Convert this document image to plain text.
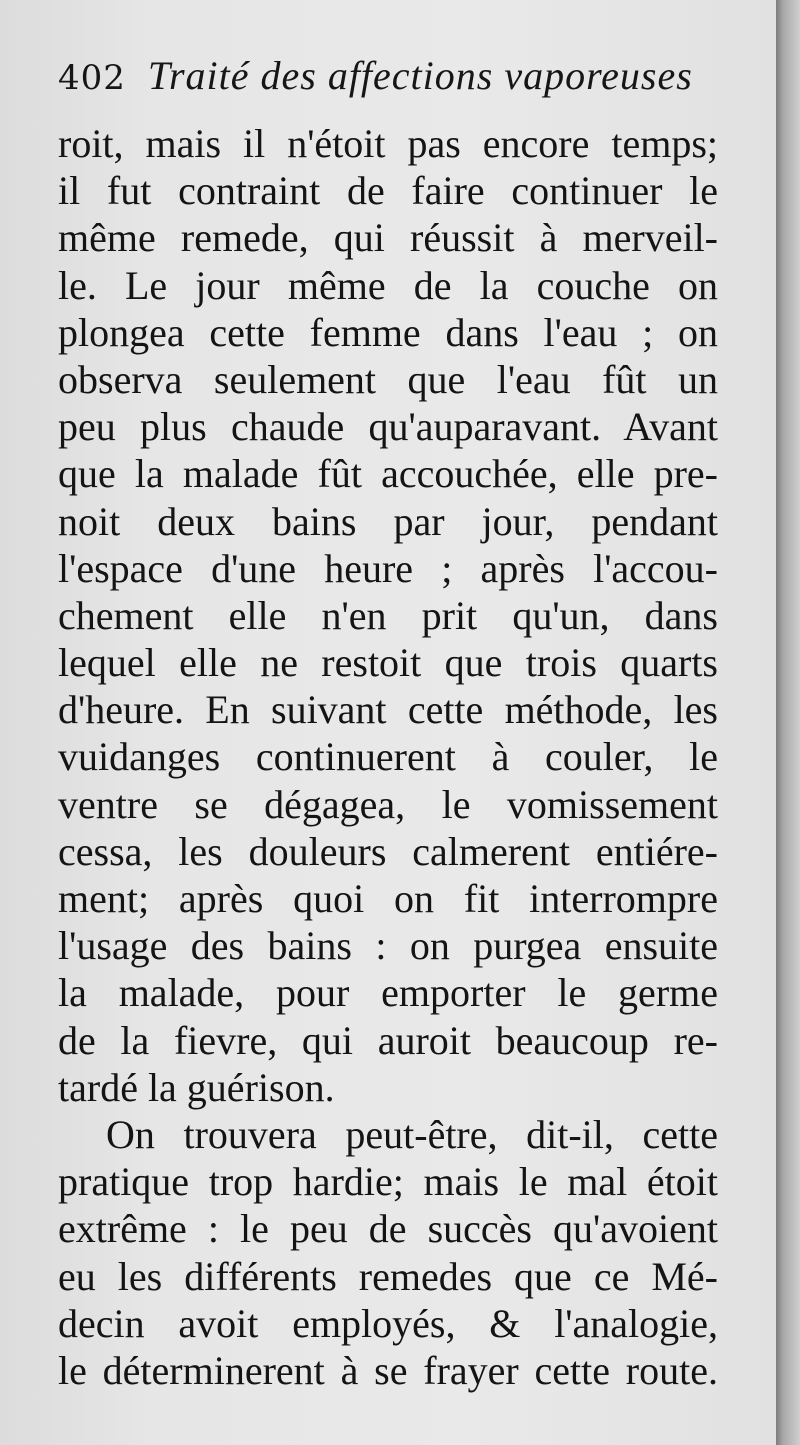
402 Traité des affections vaporeuses
roit, mais il n'étoit pas encore temps;
il fut contraint de faire continuer le
même remede, qui réussit à merveil-
le. Le jour même de la couche on
plongea cette femme dans l'eau ; on
observa seulement que l'eau fût un
peu plus chaude qu'auparavant. Avant
que la malade fût accouchée, elle pre-
noit deux bains par jour, pendant
l'espace d'une heure ; après l'accou-
chement elle n'en prit qu'un, dans
lequel elle ne restoit que trois quarts
d'heure. En suivant cette méthode, les
vuidanges continuerent à couler, le
ventre se dégagea, le vomissement
cessa, les douleurs calmerent entiére-
ment; après quoi on fit interrompre
l'usage des bains : on purgea ensuite
la malade, pour emporter le germe
de la fievre, qui auroit beaucoup re-
tardé la guérison.
On trouvera peut-être, dit-il, cette
pratique trop hardie; mais le mal étoit
extrême : le peu de succès qu'avoient
eu les différents remedes que ce Mé-
decin avoit employés, & l'analogie,
le déterminerent à se frayer cette route.
